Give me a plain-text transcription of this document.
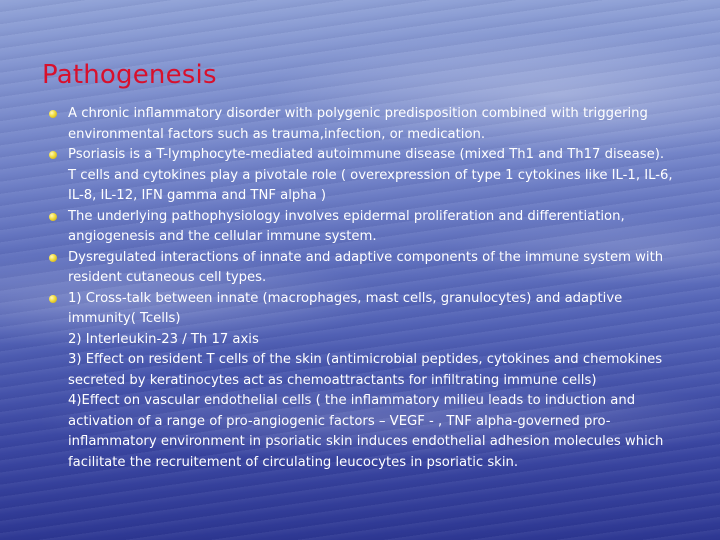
Pathogenesis
A chronic inflammatory disorder with polygenic predisposition combined with triggering environmental factors such as trauma,infection, or medication.
Psoriasis is a T-lymphocyte-mediated autoimmune disease (mixed Th1 and Th17 disease). T cells and cytokines play a pivotale role ( overexpression of type 1 cytokines like IL-1, IL-6, IL-8, IL-12, IFN gamma and TNF alpha )
The underlying pathophysiology involves epidermal proliferation and differentiation, angiogenesis and the cellular immune system.
Dysregulated interactions of innate and adaptive components of the immune system with resident cutaneous cell types.
1) Cross-talk between innate (macrophages, mast cells, granulocytes) and adaptive immunity( Tcells)

2) Interleukin-23 / Th 17 axis

3) Effect on resident T cells of the skin (antimicrobial peptides, cytokines and chemokines secreted by keratinocytes act as chemoattractants for infiltrating immune cells)

4)Effect on vascular endothelial cells ( the inflammatory milieu leads to induction and activation of a range of pro-angiogenic factors – VEGF - , TNF alpha-governed pro-inflammatory environment in psoriatic skin induces endothelial adhesion molecules which facilitate the recruitement of circulating leucocytes in psoriatic skin.
